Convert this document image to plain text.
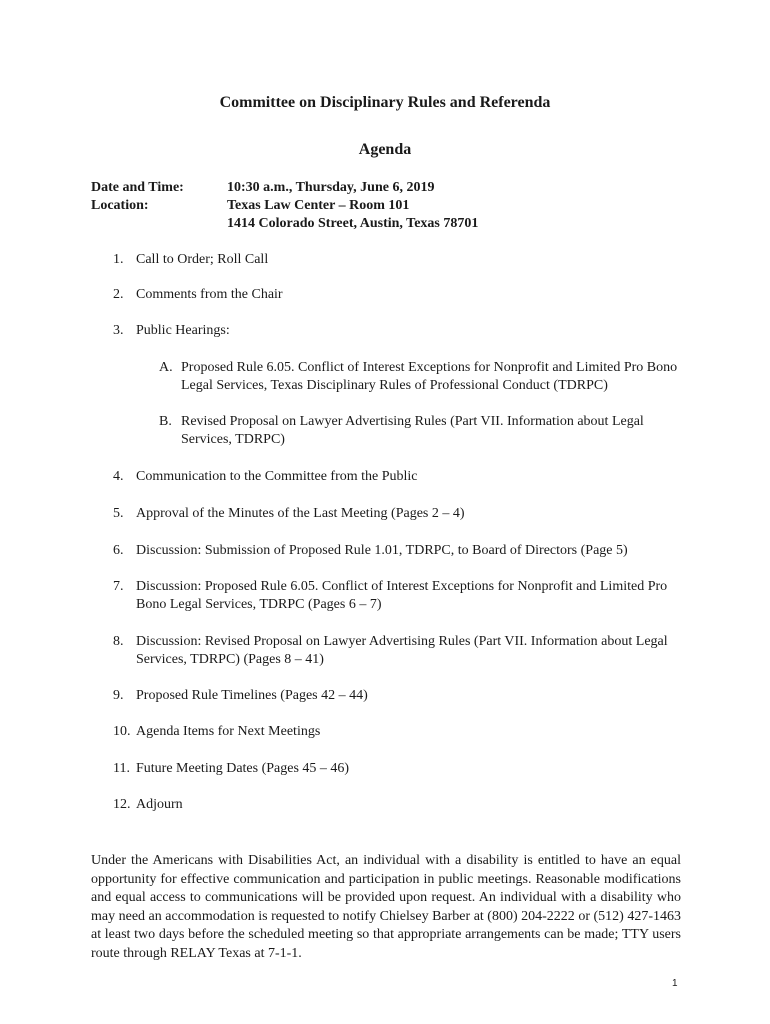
Committee on Disciplinary Rules and Referenda
Agenda
Date and Time:	10:30 a.m., Thursday, June 6, 2019
Location:	Texas Law Center – Room 101
1414 Colorado Street, Austin, Texas 78701
1. Call to Order; Roll Call
2. Comments from the Chair
3. Public Hearings:
A. Proposed Rule 6.05. Conflict of Interest Exceptions for Nonprofit and Limited Pro Bono Legal Services, Texas Disciplinary Rules of Professional Conduct (TDRPC)
B. Revised Proposal on Lawyer Advertising Rules (Part VII. Information about Legal Services, TDRPC)
4. Communication to the Committee from the Public
5. Approval of the Minutes of the Last Meeting (Pages 2 – 4)
6. Discussion: Submission of Proposed Rule 1.01, TDRPC, to Board of Directors (Page 5)
7. Discussion: Proposed Rule 6.05. Conflict of Interest Exceptions for Nonprofit and Limited Pro Bono Legal Services, TDRPC (Pages 6 – 7)
8. Discussion: Revised Proposal on Lawyer Advertising Rules (Part VII. Information about Legal Services, TDRPC) (Pages 8 – 41)
9. Proposed Rule Timelines (Pages 42 – 44)
10. Agenda Items for Next Meetings
11. Future Meeting Dates (Pages 45 – 46)
12. Adjourn
Under the Americans with Disabilities Act, an individual with a disability is entitled to have an equal opportunity for effective communication and participation in public meetings. Reasonable modifications and equal access to communications will be provided upon request. An individual with a disability who may need an accommodation is requested to notify Chielsey Barber at (800) 204-2222 or (512) 427-1463 at least two days before the scheduled meeting so that appropriate arrangements can be made; TTY users route through RELAY Texas at 7-1-1.
1
